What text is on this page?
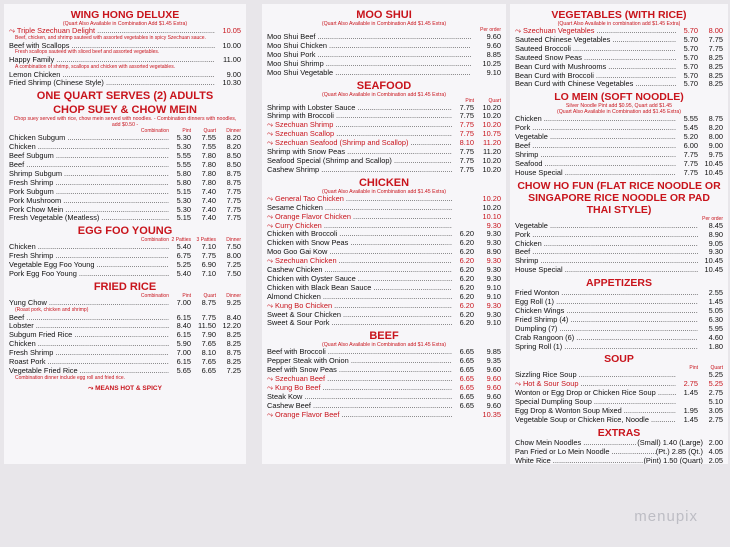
WING HONG DELUXE
(Quart Also Available in Combination Add $1.45 Extra)
⤳ Triple Szechuan Delight .....	10.05
Beef, chicken, and shrimp sauteed with assorted vegetables in spicy Szechuan sauce.
Beef with Scallops .....	10.00
Fresh scallops sauteed with sliced beef and assorted vegetables.
Happy Family .....	11.00
A combination of shrimp, scallops and chicken with assorted vegetables.
Lemon Chicken .....	9.00
Fried Shrimp (Chinese Style) .....	10.30
ONE QUART SERVES (2) ADULTS
CHOP SUEY & CHOW MEIN
Chop suey served with rice, chow mein served with noodles. - Combination dinners with noodles, add $0.50 -
Combination	Pint	Quart	Dinner
Chicken Subgum .....	5.30	7.55	8.20
Chicken .....	5.30	7.55	8.20
Beef Subgum .....	5.55	7.80	8.50
Beef .....	5.55	7.80	8.50
Shrimp Subgum .....	5.80	7.80	8.75
Fresh Shrimp .....	5.80	7.80	8.75
Pork Subgum .....	5.15	7.40	7.75
Pork Mushroom .....	5.30	7.40	7.75
Pork Chow Mein .....	5.30	7.40	7.75
Fresh Vegetable (Meatless) .....	5.15	7.40	7.75
EGG FOO YOUNG
Combination 2 Patties	3 Patties	Dinner
Chicken .....	5.40	7.10	7.50
Fresh Shrimp .....	6.75	7.75	8.00
Vegetable Egg Foo Young .....	5.25	6.90	7.25
Pork Egg Foo Young .....	5.40	7.10	7.50
FRIED RICE
Combination	Pint	Quart	Dinner
Yung Chow .....	7.00	8.75	9.25
(Roast pork, chicken and shrimp)
Beef .....	6.15	7.75	8.40
Lobster .....	8.40 11.50 12.20
Subgum Fried Rice .....	6.15	7.90	8.25
Chicken .....	5.90	7.65	8.25
Fresh Shrimp .....	7.00	8.10	8.75
Roast Pork .....	6.15	7.65	8.25
Vegetable Fried Rice .....	5.65	6.65	7.25
Combination dinner include egg roll and fried rice.
⤳ MEANS HOT & SPICY
MOO SHUI
(Quart Also Available in Combination Add $1.45 Extra)
Per order
Moo Shui Beef .....	9.60
Moo Shui Chicken .....	9.60
Moo Shui Pork .....	8.85
Moo Shui Shrimp .....	10.25
Moo Shui Vegetable .....	9.10
SEAFOOD
(Quart Also Available in Combination add $1.45 Extra)
Pint	Quart
Shrimp with Lobster Sauce .....	7.75	10.20
Shrimp with Broccoli .....	7.75	10.20
⤳ Szechuan Shrimp .....	7.75	10.20
⤳ Szechuan Scallop .....	7.75	10.75
⤳ Szechuan Seafood (Shrimp and Scallop) .....	8.10	11.20
Shrimp with Snow Peas .....	7.75	11.20
Seafood Special (Shrimp and Scallop) .....	7.75	10.20
Cashew Shrimp .....	7.75	10.20
CHICKEN
(Quart Also Available in Combination add $1.45 Extra)
⤳ General Tao Chicken .....	10.20
Sesame Chicken .....	10.20
⤳ Orange Flavor Chicken .....	10.10
⤳ Curry Chicken .....	9.30
Chicken with Broccoli .....	6.20	9.30
Chicken with Snow Peas .....	6.20	9.30
Moo Goo Gai Kow .....	6.20	8.90
⤳ Szechuan Chicken .....	6.20	9.30
Cashew Chicken .....	6.20	9.30
Chicken with Oyster Sauce .....	6.20	9.30
Chicken with Black Bean Sauce .....	6.20	9.10
Almond Chicken .....	6.20	9.10
⤳ Kung Bo Chicken .....	6.20	9.30
Sweet & Sour Chicken .....	6.20	9.30
Sweet & Sour Pork .....	6.20	9.10
BEEF
(Quart Also Available in Combination add $1.45 Extra)
Beef with Broccoli .....	6.65	9.85
Pepper Steak with Onion .....	6.65	9.35
Beef with Snow Peas .....	6.65	9.60
⤳ Szechuan Beef .....	6.65	9.60
⤳ Kung Bo Beef .....	6.65	9.60
Steak Kow .....	6.65	9.60
Cashew Beef .....	6.65	9.60
⤳ Orange Flavor Beef .....	10.35
VEGETABLES (WITH RICE)
(Quart Also Available in combination add $1.45 Extra)
⤳ Szechuan Vegetables .....	5.70	8.00
Sauteed Chinese Vegetables .....	5.70	7.75
Sauteed Broccoli .....	5.70	7.75
Sauteed Snow Peas .....	5.70	8.25
Bean Curd with Mushrooms .....	5.70	8.25
Bean Curd with Broccoli .....	5.70	8.25
Bean Curd with Chinese Vegetables .....	5.70	8.25
LO MEIN (SOFT NOODLE)
Silver Noodle Pint add $0.95, Quart add $1.45
(Quart Also Available in Combination add $1.45 Extra)
Chicken .....	5.55	8.75
Pork .....	5.45	8.20
Vegetable .....	5.20	8.00
Beef .....	6.00	9.00
Shrimp .....	7.75	9.75
Seafood .....	7.75 10.45
House Special .....	7.75 10.45
CHOW HO FUN (FLAT RICE NOODLE OR SINGAPORE RICE NOODLE OR PAD THAI STYLE)
Per order
Vegetable .....	8.45
Pork .....	8.90
Chicken .....	9.05
Beef .....	9.30
Shrimp .....	10.45
House Special .....	10.45
APPETIZERS
Fried Wonton .....	2.55
Egg Roll (1) .....	1.45
Chicken Wings .....	5.05
Fried Shrimp (4) .....	6.30
Dumpling (7) .....	5.95
Crab Rangoon (6) .....	4.60
Spring Roll (1) .....	1.80
SOUP
Pint	Quart
Sizzling Rice Soup .....	5.25
⤳ Hot & Sour Soup .....	2.75	5.25
Wonton or Egg Drop or Chicken Rice Soup .....	1.45	2.75
Special Dumpling Soup .....	5.10
Egg Drop & Wonton Soup Mixed .....	1.95	3.05
Vegetable Soup or Chicken Rice, Noodle .....	1.45	2.75
EXTRAS
Chow Mein Noodles .....	(Small) 1.40 (Large) 2.00
Pan Fried or Lo Mein Noodle .....	(Pt.) 2.85 (Qt.) 4.05
White Rice .....	(Pint) 1.50 (Quart) 2.05
menupix
